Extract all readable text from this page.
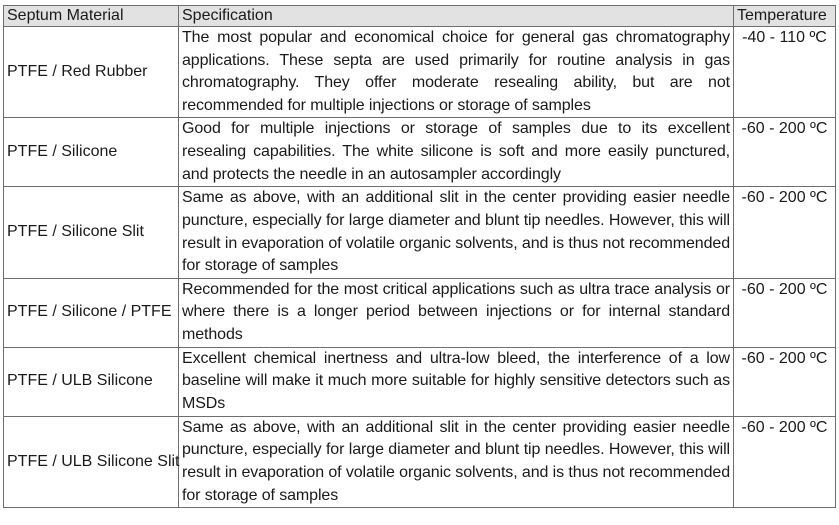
Septum Material	Specification	Temperature
PTFE / Red Rubber	The most popular and economical choice for general gas chromatography applications. These septa are used primarily for routine analysis in gas chromatography. They offer moderate resealing ability, but are not recommended for multiple injections or storage of samples	-40 - 110 ºC
PTFE / Silicone	Good for multiple injections or storage of samples due to its excellent resealing capabilities. The white silicone is soft and more easily punctured, and protects the needle in an autosampler accordingly	-60 - 200 ºC
PTFE / Silicone Slit	Same as above, with an additional slit in the center providing easier needle puncture, especially for large diameter and blunt tip needles. However, this will result in evaporation of volatile organic solvents, and is thus not recommended for storage of samples	-60 - 200 ºC
PTFE / Silicone / PTFE	Recommended for the most critical applications such as ultra trace analysis or where there is a longer period between injections or for internal standard methods	-60 - 200 ºC
PTFE / ULB Silicone	Excellent chemical inertness and ultra-low bleed, the interference of a low baseline will make it much more suitable for highly sensitive detectors such as MSDs	-60 - 200 ºC
PTFE / ULB Silicone Slit	Same as above, with an additional slit in the center providing easier needle puncture, especially for large diameter and blunt tip needles. However, this will result in evaporation of volatile organic solvents, and is thus not recommended for storage of samples	-60 - 200 ºC
